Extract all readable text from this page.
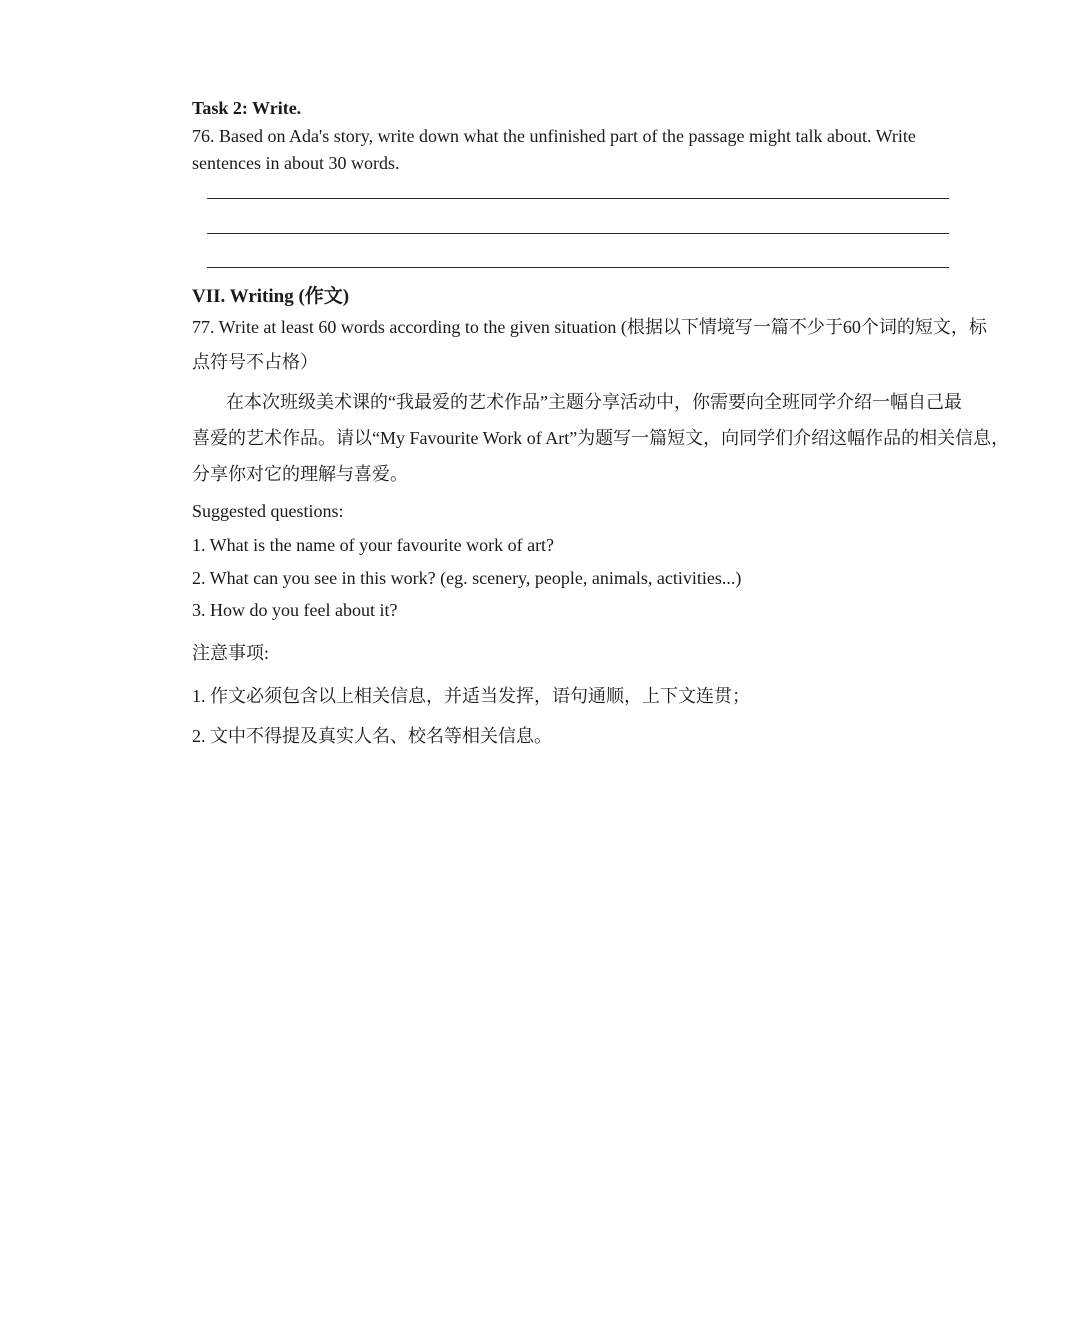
Task 2: Write.
76. Based on Ada's story, write down what the unfinished part of the passage might talk about. Write
sentences in about 30 words.
VII. Writing (作文)
77. Write at least 60 words according to the given situation (根据以下情境写一篇不少于60个词的短文，标
点符号不占格）
在本次班级美术课的“我最爱的艺术作品”主题分享活动中，你需要向全班同学介绍一幅自己最
喜爱的艺术作品。请以“My Favourite Work of Art”为题写一篇短文，向同学们介绍这幅作品的相关信息，
分享你对它的理解与喜爱。
Suggested questions:
1. What is the name of your favourite work of art?
2. What can you see in this work? (eg. scenery, people, animals, activities...)
3. How do you feel about it?
注意事项:
1. 作文必须包含以上相关信息，并适当发挥，语句通顺，上下文连贯；
2. 文中不得提及真实人名、校名等相关信息。
